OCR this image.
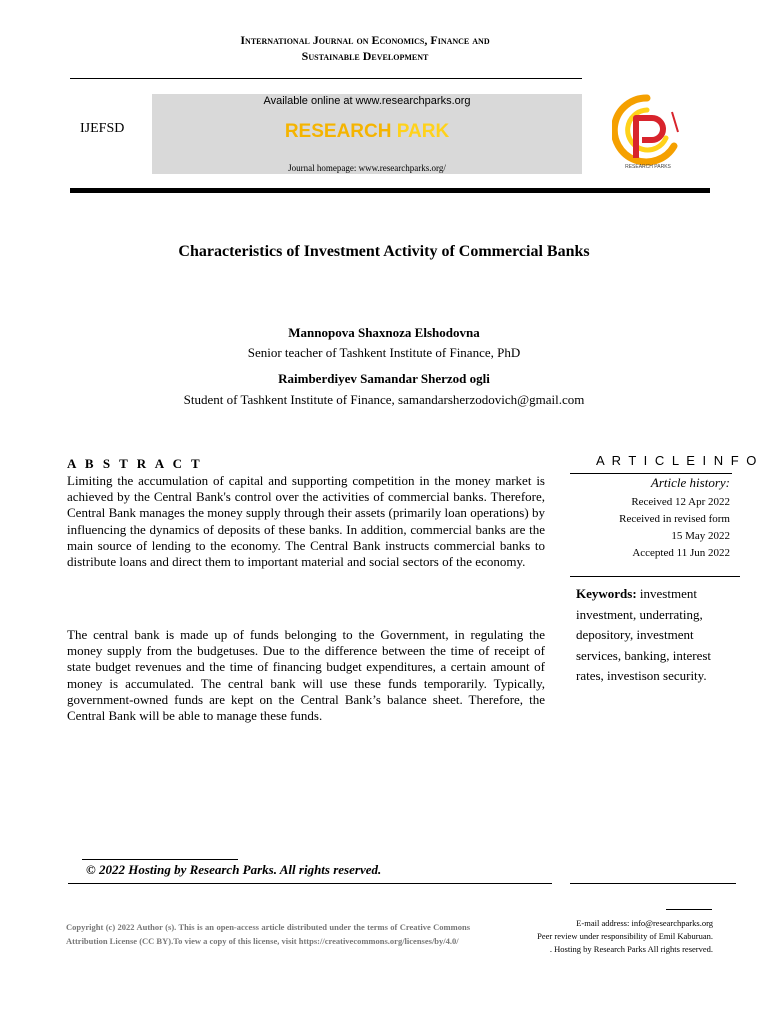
International Journal on Economics, Finance and
Sustainable Development
IJEFSD
Available online at www.researchparks.org
RESEARCH PARK
Journal homepage: www.researchparks.org/	RESEARCH PARKS
Characteristics of Investment Activity of Commercial Banks
Mannopova Shaxnoza Elshodovna
Senior teacher of Tashkent Institute of Finance, PhD
Raimberdiyev Samandar Sherzod ogli
Student of Tashkent Institute of Finance, samandarsherzodovich@gmail.com
A B S T R A C T
Limiting the accumulation of capital and supporting competition in the money market is achieved by the Central Bank's control over the activities of commercial banks. Therefore, Central Bank manages the money supply through their assets (primarily loan operations) by influencing the dynamics of deposits of these banks. In addition, commercial banks are the main source of lending to the economy. The Central Bank instructs commercial banks to distribute loans and direct them to important material and social sectors of the economy.
The central bank is made up of funds belonging to the Government, in regulating the money supply from the budgetuses. Due to the difference between the time of receipt of state budget revenues and the time of financing budget expenditures, a certain amount of money is accumulated. The central bank will use these funds temporarily. Typically, government-owned funds are kept on the Central Bank’s balance sheet. Therefore, the Central Bank will be able to manage these funds.
A R T I C L E I N F O
Article history:
Received 12 Apr 2022
Received in revised form
15 May 2022
Accepted 11 Jun 2022
Keywords: investment investment, underrating, depository, investment services, banking, interest rates, investison security.
© 2022 Hosting by Research Parks. All rights reserved.
Copyright (c) 2022 Author (s). This is an open-access article distributed under the terms of Creative Commons Attribution License (CC BY).To view a copy of this license, visit https://creativecommons.org/licenses/by/4.0/
E-mail address: info@researchparks.org
Peer review under responsibility of Emil Kaburuan.
. Hosting by Research Parks All rights reserved.
